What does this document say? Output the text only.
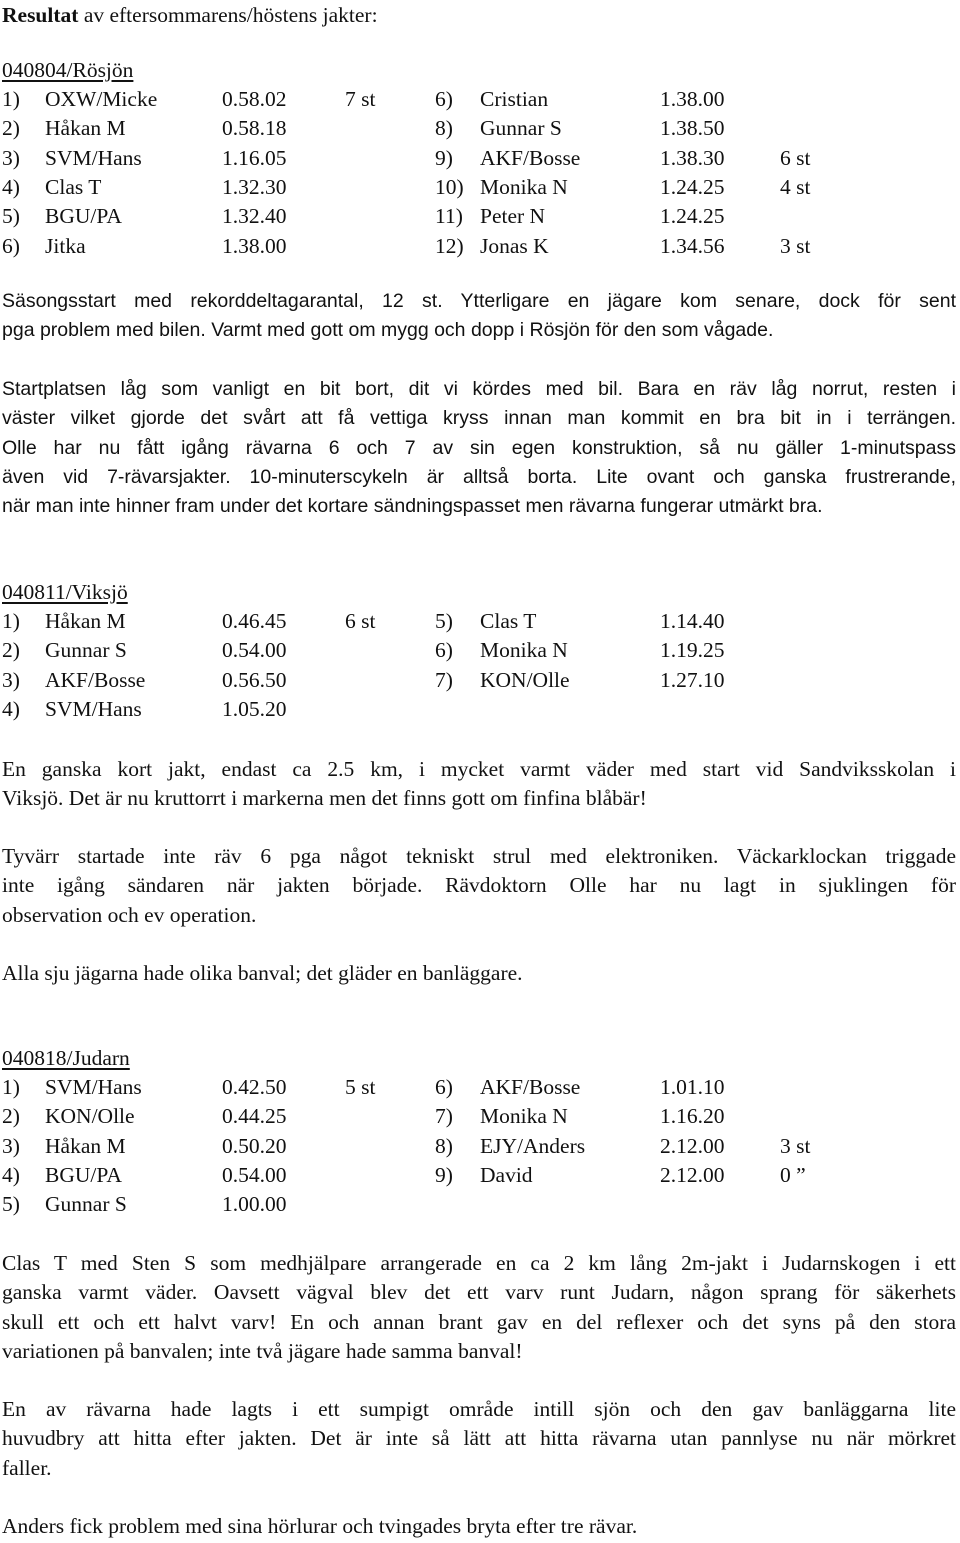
Resultat av eftersommarens/höstens jakter:
040804/Rösjön
1) OXW/Micke	0.58.02	7 st	6) Cristian	1.38.00
2) Håkan M	0.58.18	8) Gunnar S	1.38.50
3) SVM/Hans	1.16.05	9) AKF/Bosse	1.38.30	6 st
4) Clas T	1.32.30	10) Monika N	1.24.25	4 st
5) BGU/PA	1.32.40	11) Peter N	1.24.25
6) Jitka	1.38.00	12) Jonas K	1.34.56	3 st
Säsongsstart med rekorddeltagarantal, 12 st. Ytterligare en jägare kom senare, dock för sent
pga problem med bilen. Varmt med gott om mygg och dopp i Rösjön för den som vågade.
Startplatsen låg som vanligt en bit bort, dit vi kördes med bil. Bara en räv låg norrut, resten i
väster vilket gjorde det svårt att få vettiga kryss innan man kommit en bra bit in i terrängen.
Olle har nu fått igång rävarna 6 och 7 av sin egen konstruktion, så nu gäller 1-minutspass
även vid 7-rävarsjakter. 10-minuterscykeln är alltså borta. Lite ovant och ganska frustrerande,
när man inte hinner fram under det kortare sändningspasset men rävarna fungerar utmärkt bra.
040811/Viksjö
1) Håkan M	0.46.45	6 st	5) Clas T	1.14.40
2) Gunnar S	0.54.00	6) Monika N	1.19.25
3) AKF/Bosse	0.56.50	7) KON/Olle	1.27.10
4) SVM/Hans	1.05.20
En ganska kort jakt, endast ca 2.5 km, i mycket varmt väder med start vid Sandviksskolan i
Viksjö. Det är nu kruttorrt i markerna men det finns gott om finfina blåbär!
Tyvärr startade inte räv 6 pga något tekniskt strul med elektroniken. Väckarklockan triggade
inte igång sändaren när jakten började. Rävdoktorn Olle har nu lagt in sjuklingen för
observation och ev operation.
Alla sju jägarna hade olika banval; det gläder en banläggare.
040818/Judarn
1) SVM/Hans	0.42.50	5 st	6) AKF/Bosse	1.01.10
2) KON/Olle	0.44.25	7) Monika N	1.16.20
3) Håkan M	0.50.20	8) EJY/Anders	2.12.00	3 st
4) BGU/PA	0.54.00	9) David	2.12.00	0 ”
5) Gunnar S	1.00.00
Clas T med Sten S som medhjälpare arrangerade en ca 2 km lång 2m-jakt i Judarnskogen i ett
ganska varmt väder. Oavsett vägval blev det ett varv runt Judarn, någon sprang för säkerhets
skull ett och ett halvt varv! En och annan brant gav en del reflexer och det syns på den stora
variationen på banvalen; inte två jägare hade samma banval!
En av rävarna hade lagts i ett sumpigt område intill sjön och den gav banläggarna lite
huvudbry att hitta efter jakten. Det är inte så lätt att hitta rävarna utan pannlyse nu när mörkret
faller.
Anders fick problem med sina hörlurar och tvingades bryta efter tre rävar.
